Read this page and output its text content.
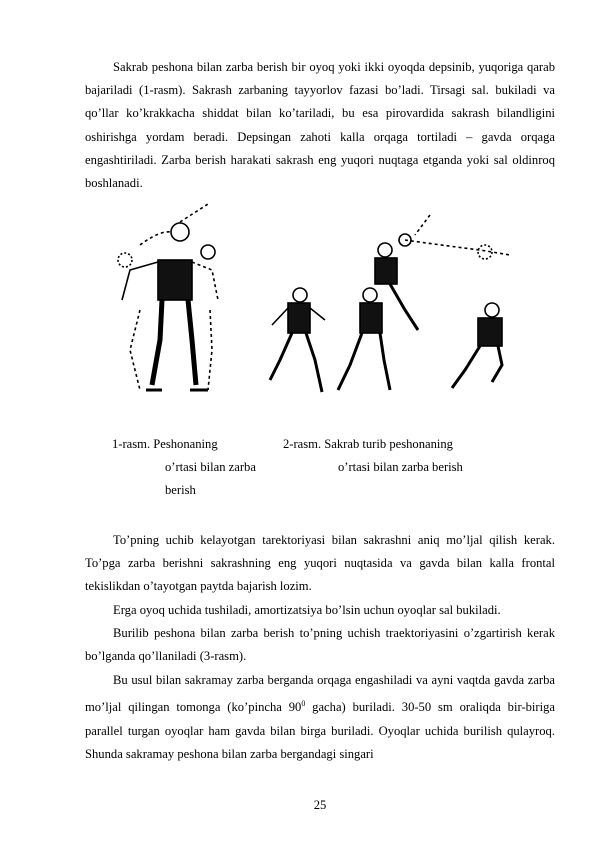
Sakrab peshona bilan zarba berish bir oyoq yoki ikki oyoqda depsinib, yuqoriga qarab bajariladi (1-rasm). Sakrash zarbaning tayyorlov fazasi bo’ladi. Tirsagi sal. bukiladi va qo’llar ko’krakkacha shiddat bilan ko’tariladi, bu esa pirovardida sakrash bilandligini oshirishga yordam beradi. Depsingan zahoti kalla orqaga tortiladi – gavda orqaga engashtiriladi. Zarba berish harakati sakrash eng yuqori nuqtaga etganda yoki sal oldinroq boshlanadi.

1-rasm. Peshonaning

o’rtasi bilan zarba

berish

2-rasm. Sakrab turib peshonaning

o’rtasi bilan zarba berish

To’pning uchib kelayotgan tarektoriyasi bilan sakrashni aniq mo’ljal qilish kerak. To’pga zarba berishni sakrashning eng yuqori nuqtasida va gavda bilan kalla frontal tekislikdan o’tayotgan paytda bajarish lozim.

Erga oyoq uchida tushiladi, amortizatsiya bo’lsin uchun oyoqlar sal bukiladi.

Burilib peshona bilan zarba berish to’pning uchish traektoriyasini o’zgartirish kerak bo’lganda qo’llaniladi (3-rasm).

Bu usul bilan sakramay zarba berganda orqaga engashiladi va ayni vaqtda gavda zarba mo’ljal qilingan tomonga (ko’pincha $90^0$ gacha) buriladi. 30-50 sm oraliqda bir-biriga parallel turgan oyoqlar ham gavda bilan birga buriladi. Oyoqlar uchida burilish qulayroq. Shunda sakramay peshona bilan zarba bergandagi singari

25
